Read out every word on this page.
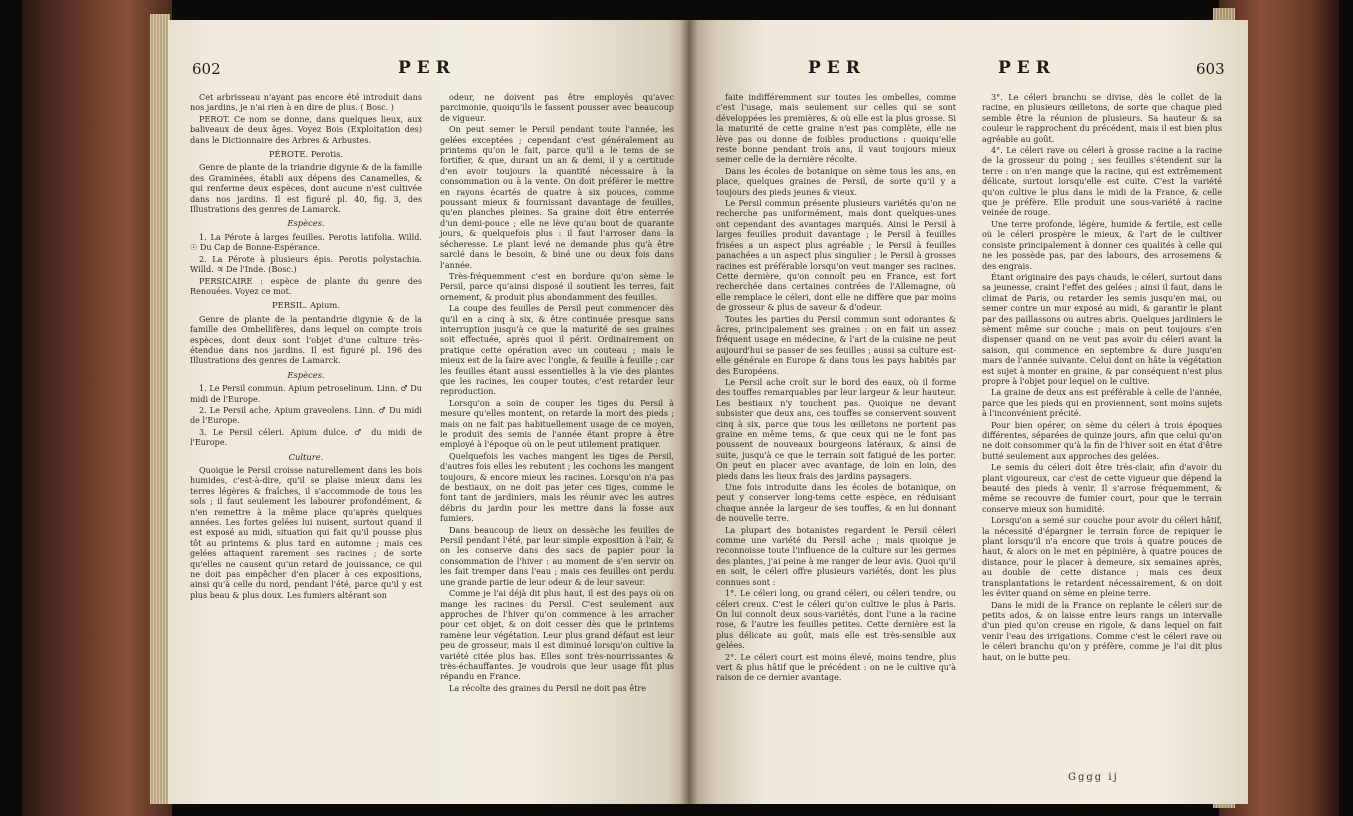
602	PER

Cet arbrisseau n'ayant pas encore été introduit dans nos jardins, je n'ai rien à en dire de plus. ( Bosc. )

PEROT. Ce nom se donne, dans quelques lieux, aux baliveaux de deux âges. Voyez Bois (Exploitation des) dans le Dictionnaire des Arbres & Arbustes.

PÉROTE. Perotis.

Genre de plante de la triandrie digynie & de la famille des Graminées, établi aux dépens des Canamelles, & qui renferme deux espèces, dont aucune n'est cultivée dans nos jardins. Il est figuré pl. 40, fig. 3, des Illustrations des genres de Lamarck.

Espèces.

1. La Pérote à larges feuilles. Perotis latifolia. Willd. ☉ Du Cap de Bonne-Espérance.

2. La Pérote à plusieurs épis. Perotis polystachia. Willd. ♃ De l'Inde. (Bosc.)

PERSICAIRE : espèce de plante du genre des Renouées. Voyez ce mot.

PERSIL. Apium.

Genre de plante de la pentandrie digynie & de la famille des Ombellifères, dans lequel on compte trois espèces, dont deux sont l'objet d'une culture très-étendue dans nos jardins. Il est figuré pl. 196 des Illustrations des genres de Lamarck.

Espèces.

1. Le Persil commun. Apium petroselinum. Linn. ♂ Du midi de l'Europe.

2. Le Persil ache. Apium graveolens. Linn. ♂ Du midi de l'Europe.

3. Le Persil céleri. Apium dulce. ♂ du midi de l'Europe.

Culture.

Quoique le Persil croisse naturellement dans les bois humides, c'est-à-dire, qu'il se plaise mieux dans les terres légères & fraîches, il s'accommode de tous les sols ; il faut seulement les labourer profondément, & n'en remettre à la même place qu'après quelques années. Les fortes gelées lui nuisent, surtout quand il est exposé au midi, situation qui fait qu'il pousse plus tôt au printems & plus tard en automne ; mais ces gelées attaquent rarement ses racines ; de sorte qu'elles ne causent qu'un retard de jouissance, ce qui ne doit pas empêcher d'en placer à ces expositions, ainsi qu'à celle du nord, pendant l'été, parce qu'il y est plus beau & plus doux. Les fumiers altérant son

odeur, ne doivent pas être employés qu'avec parcimonie, quoiqu'ils le fassent pousser avec beaucoup de vigueur.

On peut semer le Persil pendant toute l'année, les gelées exceptées ; cependant c'est généralement au printems qu'on le fait, parce qu'il a le tems de se fortifier, & que, durant un an & demi, il y a certitude d'en avoir toujours la quantité nécessaire à la consommation ou à la vente. On doit préférer le mettre en rayons écartés de quatre à six pouces, comme poussant mieux & fournissant davantage de feuilles, qu'en planches pleines. Sa graine doit être enterrée d'un demi-pouce ; elle ne lève qu'au bout de quarante jours, & quelquefois plus : il faut l'arroser dans la sécheresse. Le plant levé ne demande plus qu'à être sarclé dans le besoin, & biné une ou deux fois dans l'année.

Très-fréquemment c'est en bordure qu'on sème le Persil, parce qu'ainsi disposé il soutient les terres, fait ornement, & produit plus abondamment des feuilles.

La coupe des feuilles de Persil peut commencer dès qu'il en a cinq à six, & être continuée presque sans interruption jusqu'à ce que la maturité de ses graines soit effectuée, après quoi il périt. Ordinairement on pratique cette opération avec un couteau ; mais le mieux est de la faire avec l'ongle, & feuille à feuille ; car les feuilles étant aussi essentielles à la vie des plantes que les racines, les couper toutes, c'est retarder leur reproduction.

Lorsqu'on a soin de couper les tiges du Persil à mesure qu'elles montent, on retarde la mort des pieds ; mais on ne fait pas habituellement usage de ce moyen, le produit des semis de l'année étant propre à être employé à l'époque où on le peut utilement pratiquer.

Quelquefois les vaches mangent les tiges de Persil, d'autres fois elles les rebutent ; les cochons les mangent toujours, & encore mieux les racines. Lorsqu'on n'a pas de bestiaux, on ne doit pas jeter ces tiges, comme le font tant de jardiniers, mais les réunir avec les autres débris du jardin pour les mettre dans la fosse aux fumiers.

Dans beaucoup de lieux on dessèche les feuilles de Persil pendant l'été, par leur simple exposition à l'air, & on les conserve dans des sacs de papier pour la consommation de l'hiver : au moment de s'en servir on les fait tremper dans l'eau ; mais ces feuilles ont perdu une grande partie de leur odeur & de leur saveur.

Comme je l'ai déjà dit plus haut, il est des pays où on mange les racines du Persil. C'est seulement aux approches de l'hiver qu'on commence à les arracher pour cet objet, & on doit cesser dès que le printems ramène leur végétation. Leur plus grand défaut est leur peu de grosseur, mais il est diminué lorsqu'on cultive la variété citée plus bas. Elles sont très-nourrissantes & très-échauffantes. Je voudrois que leur usage fût plus répandu en France.

La récolte des graines du Persil ne doit pas être

PER	PER	603

faite indifféremment sur toutes les ombelles, comme c'est l'usage, mais seulement sur celles qui se sont développées les premières, & où elle est la plus grosse. Si la maturité de cette graine n'est pas complète, elle ne lève pas ou donne de foibles productions : quoiqu'elle reste bonne pendant trois ans, il vaut toujours mieux semer celle de la dernière récolte.

Dans les écoles de botanique on sème tous les ans, en place, quelques graines de Persil, de sorte qu'il y a toujours des pieds jeunes & vieux.

Le Persil commun présente plusieurs variétés qu'on ne recherche pas uniformément, mais dont quelques-unes ont cependant des avantages marqués. Ainsi le Persil à larges feuilles produit davantage ; le Persil à feuilles frisées a un aspect plus agréable ; le Persil à feuilles panachées a un aspect plus singulier ; le Persil à grosses racines est préférable lorsqu'on veut manger ses racines. Cette dernière, qu'on connoît peu en France, est fort recherchée dans certaines contrées de l'Allemagne, où elle remplace le céleri, dont elle ne diffère que par moins de grosseur & plus de saveur & d'odeur.

Toutes les parties du Persil commun sont odorantes & âcres, principalement ses graines : on en fait un assez fréquent usage en médecine, & l'art de la cuisine ne peut aujourd'hui se passer de ses feuilles ; aussi sa culture est-elle générale en Europe & dans tous les pays habités par des Européens.

Le Persil ache croît sur le bord des eaux, où il forme des touffes remarquables par leur largeur & leur hauteur. Les bestiaux n'y touchent pas. Quoique ne devant subsister que deux ans, ces touffes se conservent souvent cinq à six, parce que tous les œilletons ne portent pas graine en même tems, & que ceux qui ne le font pas poussent de nouveaux bourgeons latéraux, & ainsi de suite, jusqu'à ce que le terrain soit fatigué de les porter. On peut en placer avec avantage, de loin en loin, des pieds dans les lieux frais des jardins paysagers.

Une fois introduite dans les écoles de botanique, on peut y conserver long-tems cette espèce, en réduisant chaque année la largeur de ses touffes, & en lui donnant de nouvelle terre.

La plupart des botanistes regardent le Persil céleri comme une variété du Persil ache ; mais quoique je reconnoisse toute l'influence de la culture sur les germes des plantes, j'ai peine à me ranger de leur avis. Quoi qu'il en soit, le céleri offre plusieurs variétés, dont les plus connues sont :

1°. Le céleri long, ou grand céleri, ou céleri tendre, ou céleri creux. C'est le céleri qu'on cultive le plus à Paris. On lui connoît deux sous-variétés, dont l'une a la racine rose, & l'autre les feuilles petites. Cette dernière est la plus délicate au goût, mais elle est très-sensible aux gelées.

2°. Le céleri court est moins élevé, moins tendre, plus vert & plus hâtif que le précédent : on ne le cultive qu'à raison de ce dernier avantage.

3°. Le céleri branchu se divise, dès le collet de la racine, en plusieurs œilletons, de sorte que chaque pied semble être la réunion de plusieurs. Sa hauteur & sa couleur le rapprochent du précédent, mais il est bien plus agréable au goût.

4°. Le céleri rave ou céleri à grosse racine a la racine de la grosseur du poing ; ses feuilles s'étendent sur la terre : on n'en mange que la racine, qui est extrêmement délicate, surtout lorsqu'elle est cuite. C'est la variété qu'on cultive le plus dans le midi de la France, & celle que je préfère. Elle produit une sous-variété à racine veinée de rouge.

Une terre profonde, légère, humide & fertile, est celle où le céleri prospère le mieux, & l'art de le cultiver consiste principalement à donner ces qualités à celle qui ne les possède pas, par des labours, des arrosemens & des engrais.

Étant originaire des pays chauds, le céleri, surtout dans sa jeunesse, craint l'effet des gelées ; ainsi il faut, dans le climat de Paris, ou retarder les semis jusqu'en mai, ou semer contre un mur exposé au midi, & garantir le plant par des paillassons ou autres abris. Quelques jardiniers le sèment même sur couche ; mais on peut toujours s'en dispenser quand on ne veut pas avoir du céleri avant la saison, qui commence en septembre & dure jusqu'en mars de l'année suivante. Celui dont on hâte la végétation est sujet à monter en graine, & par conséquent n'est plus propre à l'objet pour lequel on le cultive.

La graine de deux ans est préférable à celle de l'année, parce que les pieds qui en proviennent, sont moins sujets à l'inconvénient précité.

Pour bien opérer, on sème du céleri à trois époques différentes, séparées de quinze jours, afin que celui qu'on ne doit consommer qu'à la fin de l'hiver soit en état d'être butté seulement aux approches des gelées.

Le semis du céleri doit être très-clair, afin d'avoir du plant vigoureux, car c'est de cette vigueur que dépend la beauté des pieds à venir. Il s'arrose fréquemment, & même se recouvre de fumier court, pour que le terrain conserve mieux son humidité.

Lorsqu'on a semé sur couche pour avoir du céleri hâtif, la nécessité d'épargner le terrain force de repiquer le plant lorsqu'il n'a encore que trois à quatre pouces de haut, & alors on le met en pépinière, à quatre pouces de distance, pour le placer à demeure, six semaines après, au double de cette distance ; mais ces deux transplantations le retardent nécessairement, & on doit les éviter quand on sème en pleine terre.

Dans le midi de la France on replante le céleri sur de petits ados, & on laisse entre leurs rangs un intervalle d'un pied qu'on creuse en rigole, & dans lequel on fait venir l'eau des irrigations. Comme c'est le céleri rave ou le céleri branchu qu'on y préfère, comme je l'ai dit plus haut, on le butte peu.

Gggg ij
